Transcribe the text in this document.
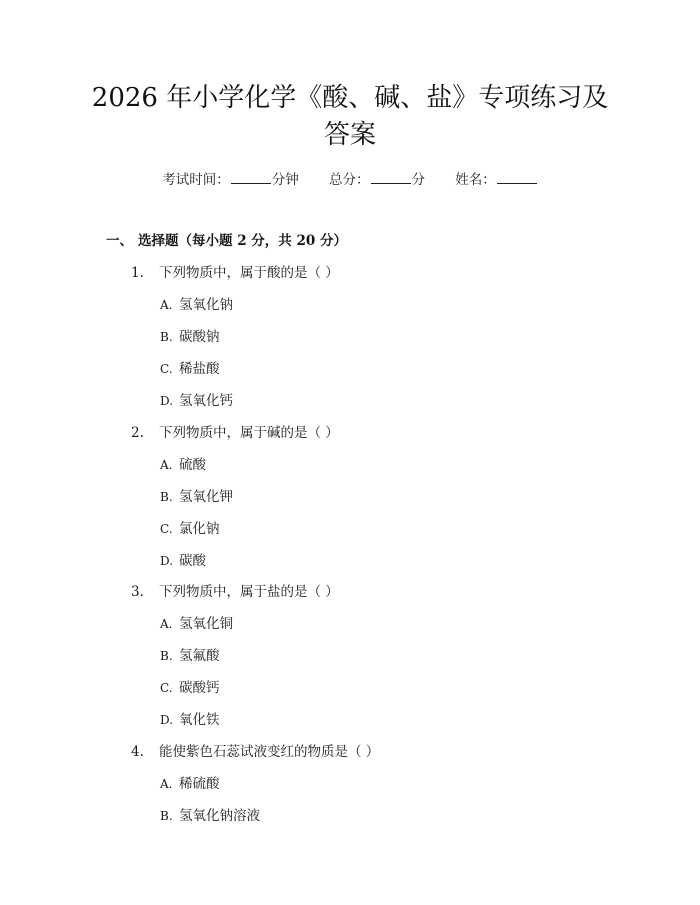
2026 年小学化学《酸、碱、盐》专项练习及
答案
考试时间：	分钟 总分：	分 姓名：
一、 选择题（每小题 2 分，共 20 分）
1. 下列物质中，属于酸的是（ ）
A. 氢氧化钠
B. 碳酸钠
C. 稀盐酸
D. 氢氧化钙
2. 下列物质中，属于碱的是（ ）
A. 硫酸
B. 氢氧化钾
C. 氯化钠
D. 碳酸
3. 下列物质中，属于盐的是（ ）
A. 氢氧化铜
B. 氢氟酸
C. 碳酸钙
D. 氧化铁
4. 能使紫色石蕊试液变红的物质是（ ）
A. 稀硫酸
B. 氢氧化钠溶液
